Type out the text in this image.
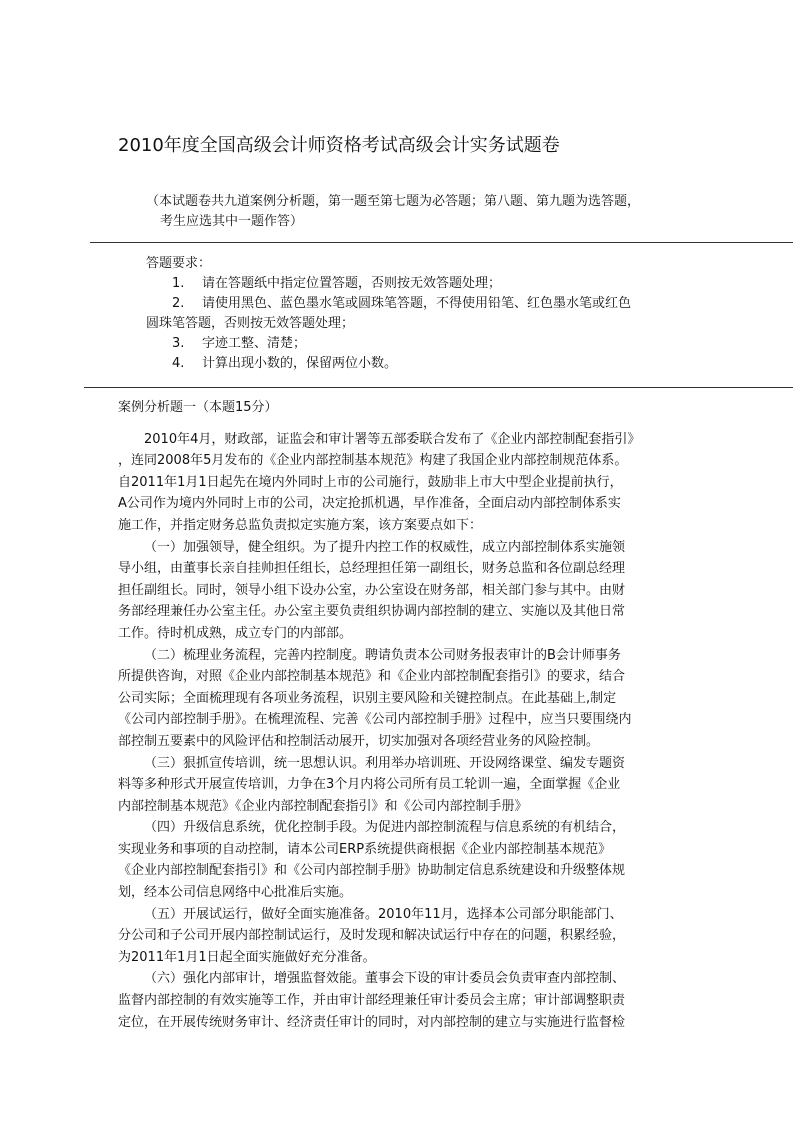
2010年度全国高级会计师资格考试高级会计实务试题卷

（本试题卷共九道案例分析题，第一题至第七题为必答题；第八题、第九题为选答题，

考生应选其中一题作答）

答题要求：

1. 请在答题纸中指定位置答题，否则按无效答题处理；

2. 请使用黑色、蓝色墨水笔或圆珠笔答题，不得使用铅笔、红色墨水笔或红色

圆珠笔答题，否则按无效答题处理；

3. 字迹工整、清楚；

4. 计算出现小数的，保留两位小数。

案例分析题一（本题15分）

2010年4月，财政部，证监会和审计署等五部委联合发布了《企业内部控制配套指引》

，连同2008年5月发布的《企业内部控制基本规范》构建了我国企业内部控制规范体系。

自2011年1月1日起先在境内外同时上市的公司施行，鼓励非上市大中型企业提前执行，

A公司作为境内外同时上市的公司，决定抢抓机遇，早作准备，全面启动内部控制体系实

施工作，并指定财务总监负责拟定实施方案，该方案要点如下：

（一）加强领导，健全组织。为了提升内控工作的权威性，成立内部控制体系实施领

导小组，由董事长亲自挂帅担任组长，总经理担任第一副组长，财务总监和各位副总经理

担任副组长。同时，领导小组下设办公室，办公室设在财务部，相关部门参与其中。由财

务部经理兼任办公室主任。办公室主要负责组织协调内部控制的建立、实施以及其他日常

工作。待时机成熟，成立专门的内部部。

（二）梳理业务流程，完善内控制度。聘请负责本公司财务报表审计的B会计师事务

所提供咨询，对照《企业内部控制基本规范》和《企业内部控制配套指引》的要求，结合

公司实际；全面梳理现有各项业务流程，识别主要风险和关键控制点。在此基础上,制定

《公司内部控制手册》。在梳理流程、完善《公司内部控制手册》过程中，应当只要围绕内

部控制五要素中的风险评估和控制活动展开，切实加强对各项经营业务的风险控制。

（三）狠抓宣传培训，统一思想认识。利用举办培训班、开设网络课堂、编发专题资

料等多种形式开展宣传培训，力争在3个月内将公司所有员工轮训一遍，全面掌握《企业

内部控制基本规范》《企业内部控制配套指引》和《公司内部控制手册》

（四）升级信息系统，优化控制手段。为促进内部控制流程与信息系统的有机结合，

实现业务和事项的自动控制，请本公司ERP系统提供商根据《企业内部控制基本规范》

《企业内部控制配套指引》和《公司内部控制手册》协助制定信息系统建设和升级整体规

划，经本公司信息网络中心批准后实施。

（五）开展试运行，做好全面实施准备。2010年11月，选择本公司部分职能部门、

分公司和子公司开展内部控制试运行，及时发现和解决试运行中存在的问题，积累经验，

为2011年1月1日起全面实施做好充分准备。

（六）强化内部审计，增强监督效能。董事会下设的审计委员会负责审查内部控制、

监督内部控制的有效实施等工作，并由审计部经理兼任审计委员会主席；审计部调整职责

定位，在开展传统财务审计、经济责任审计的同时，对内部控制的建立与实施进行监督检
